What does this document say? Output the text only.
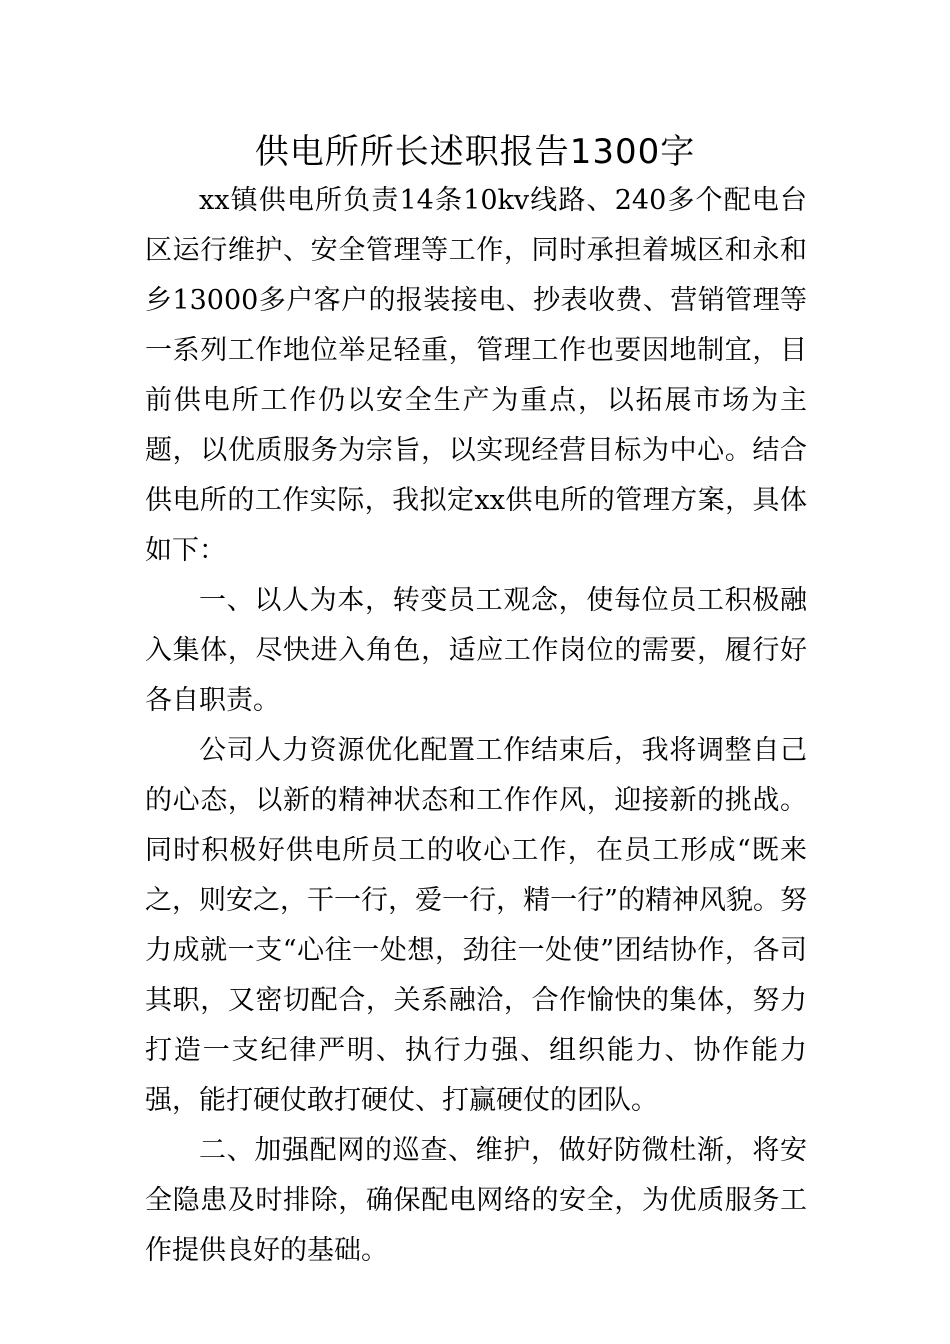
供电所所长述职报告1300字

xx镇供电所负责14条10kv线路、240多个配电台区运行维护、安全管理等工作，同时承担着城区和永和乡13000多户客户的报装接电、抄表收费、营销管理等一系列工作地位举足轻重，管理工作也要因地制宜，目前供电所工作仍以安全生产为重点，以拓展市场为主题，以优质服务为宗旨，以实现经营目标为中心。结合供电所的工作实际，我拟定xx供电所的管理方案，具体如下：

一、以人为本，转变员工观念，使每位员工积极融入集体，尽快进入角色，适应工作岗位的需要，履行好各自职责。

公司人力资源优化配置工作结束后，我将调整自己的心态，以新的精神状态和工作作风，迎接新的挑战。同时积极好供电所员工的收心工作，在员工形成“既来之，则安之，干一行，爱一行，精一行”的精神风貌。努力成就一支“心往一处想，劲往一处使”团结协作，各司其职，又密切配合，关系融洽，合作愉快的集体，努力打造一支纪律严明、执行力强、组织能力、协作能力强，能打硬仗敢打硬仗、打赢硬仗的团队。

二、加强配网的巡查、维护，做好防微杜渐，将安全隐患及时排除，确保配电网络的安全，为优质服务工作提供良好的基础。
